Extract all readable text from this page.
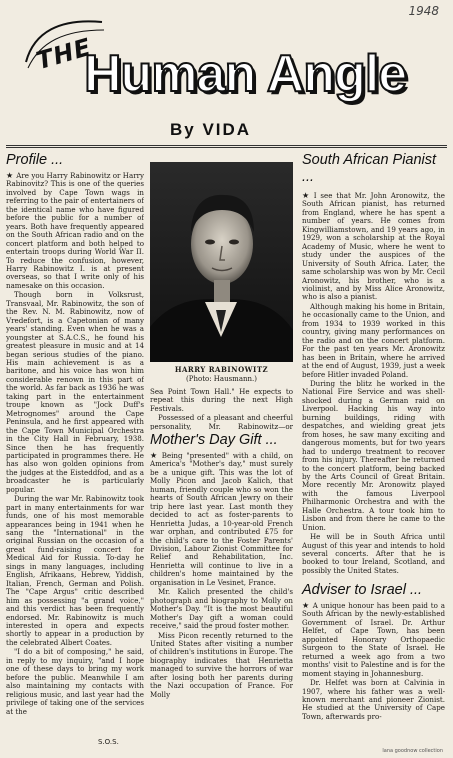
1948
THE
Human Angle
By VIDA
Profile ...

★ Are you Harry Rabinowitz or Harry Rabinovitz? This is one of the queries involved by Cape Town wags in referring to the pair of entertainers of the identical name who have figured before the public for a number of years. Both have frequently appeared on the South African radio and on the concert platform and both helped to entertain troops during World War II. To reduce the confusion, however, Harry Rabinowitz I. is at present overseas, so that I write only of his namesake on this occasion.

Though born in Volksrust, Transvaal, Mr. Rabinowitz, the son of the Rev. N. M. Rabinowitz, now of Vredefort, is a Capetonian of many years' standing. Even when he was a youngster at S.A.C.S., he found his greatest pleasure in music and at 14 began serious studies of the piano. His main achievement is as a baritone, and his voice has won him considerable renown in this part of the world. As far back as 1936 he was taking part in the entertainment troupe known as "Jock Duff's Metrognomes" around the Cape Peninsula, and he first appeared with the Cape Town Municipal Orchestra in the City Hall in February, 1938. Since then he has frequently participated in programmes there. He has also won golden opinions from the judges at the Eisteddfod, and as a broadcaster he is particularly popular.

During the war Mr. Rabinowitz took part in many entertainments for war funds, one of his most memorable appearances being in 1941 when he sang the "International" in the original Russian on the occasion of a great fund-raising concert for Medical Aid for Russia. To-day he sings in many languages, including English, Afrikaans, Hebrew, Yiddish, Italian, French, German and Polish. The "Cape Argus" critic described him as possessing "a grand voice," and this verdict has been frequently endorsed. Mr. Rabinowitz is much interested in opera and expects shortly to appear in a production by the celebrated Albert Coates.

"I do a bit of composing," he said, in reply to my inquiry, "and I hope one of these days to bring my work before the public. Meanwhile I am also maintaining my contacts with religious music, and last year had the privilege of taking one of the services at the

S.O.S.
HARRY RABINOWITZ
(Photo: Hausmann.)

Sea Point Town Hall." He expects to repeat this during the next High Festivals.

Possessed of a pleasant and cheerful personality, Mr. Rabinowitz—or

Mother's Day Gift ...

★ Being "presented" with a child, on America's "Mother's day," must surely be a unique gift. This was the lot of Molly Picon and Jacob Kalich, that human, friendly couple who so won the hearts of South African Jewry on their trip here last year. Last month they decided to act as foster-parents to Henrietta Judas, a 10-year-old French war orphan, and contributed £75 for the child's care to the Foster Parents' Division, Labour Zionist Committee for Relief and Rehabilitation, Inc. Henrietta will continue to live in a children's home maintained by the organisation in Le Vesinet, France.

Mr. Kalich presented the child's photograph and biography to Molly on Mother's Day. "It is the most beautiful Mother's Day gift a woman could receive," said the proud foster mother.

Miss Picon recently returned to the United States after visiting a number of children's institutions in Europe. The biography indicates that Henrietta managed to survive the horrors of war after losing both her parents during the Nazi occupation of France. For Molly

South African Pianist ...

★ I see that Mr. John Aronowitz, the South African pianist, has returned from England, where he has spent a number of years. He comes from Kingwilliamstown, and 19 years ago, in 1929, won a scholarship at the Royal Academy of Music, where he went to study under the auspices of the University of South Africa. Later, the same scholarship was won by Mr. Cecil Aronowitz, his brother, who is a violinist, and by Miss Alice Aronowitz, who is also a pianist.

Although making his home in Britain, he occasionally came to the Union, and from 1934 to 1939 worked in this country, giving many performances on the radio and on the concert platform. For the past ten years Mr. Aronowitz has been in Britain, where he arrived at the end of August, 1939, just a week before Hitler invaded Poland.

During the blitz he worked in the National Fire Service and was shell-shocked during a German raid on Liverpool. Hacking his way into burning buildings, riding with despatches, and wielding great jets from hoses, he saw many exciting and dangerous moments, but for two years had to undergo treatment to recover from his injury. Thereafter he returned to the concert platform, being backed by the Arts Council of Great Britain. More recently Mr. Aronowitz played with the famous Liverpool Philharmonic Orchestra and with the Halle Orchestra. A tour took him to Lisbon and from there he came to the Union.

He will be in South Africa until August of this year and intends to hold several concerts. After that he is booked to tour Ireland, Scotland, and possibly the United States.

Adviser to Israel ...

★ A unique honour has been paid to a South African by the newly-established Government of Israel. Dr. Arthur Helfet, of Cape Town, has been appointed Honorary Orthopaedic Surgeon to the State of Israel. He returned a week ago from a two months' visit to Palestine and is for the moment staying in Johannesburg.

Dr. Helfet was born at Calvinia in 1907, where his father was a well-known merchant and pioneer Zionist. He studied at the University of Cape Town, afterwards pro-

lana goodnow collection
